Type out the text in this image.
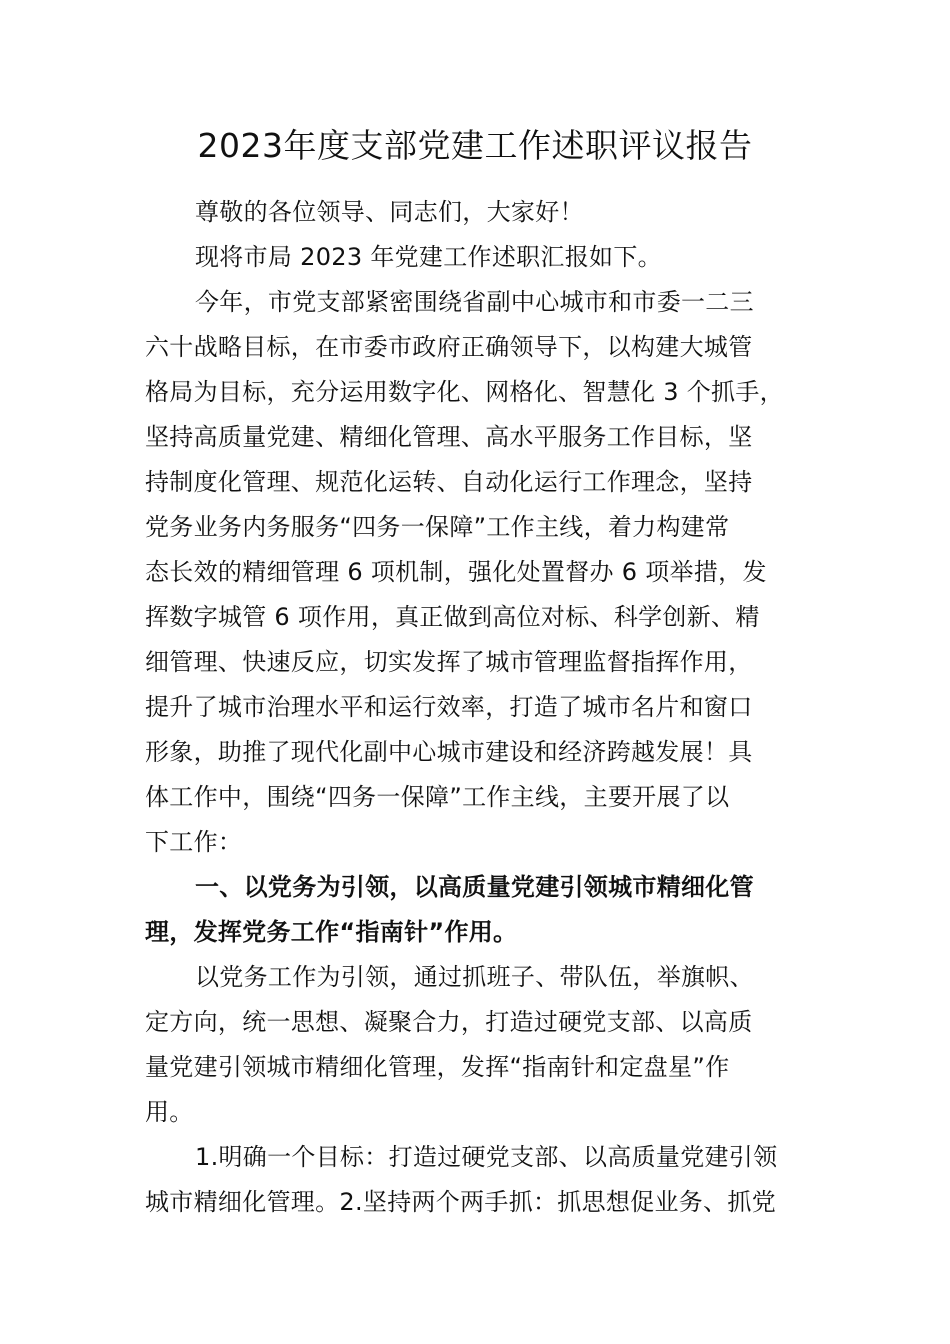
2023年度支部党建工作述职评议报告
尊敬的各位领导、同志们，大家好！
现将市局 2023 年党建工作述职汇报如下。
今年，市党支部紧密围绕省副中心城市和市委一二三
六十战略目标，在市委市政府正确领导下，以构建大城管
格局为目标，充分运用数字化、网格化、智慧化 3 个抓手，
坚持高质量党建、精细化管理、高水平服务工作目标，坚
持制度化管理、规范化运转、自动化运行工作理念，坚持
党务业务内务服务“四务一保障”工作主线，着力构建常
态长效的精细管理 6 项机制，强化处置督办 6 项举措，发
挥数字城管 6 项作用，真正做到高位对标、科学创新、精
细管理、快速反应，切实发挥了城市管理监督指挥作用，
提升了城市治理水平和运行效率，打造了城市名片和窗口
形象，助推了现代化副中心城市建设和经济跨越发展！具
体工作中，围绕“四务一保障”工作主线，主要开展了以
下工作：
一、以党务为引领，以高质量党建引领城市精细化管
理，发挥党务工作“指南针”作用。
以党务工作为引领，通过抓班子、带队伍，举旗帜、
定方向，统一思想、凝聚合力，打造过硬党支部、以高质
量党建引领城市精细化管理，发挥“指南针和定盘星”作
用。
1.明确一个目标：打造过硬党支部、以高质量党建引领
城市精细化管理。2.坚持两个两手抓：抓思想促业务、抓党
